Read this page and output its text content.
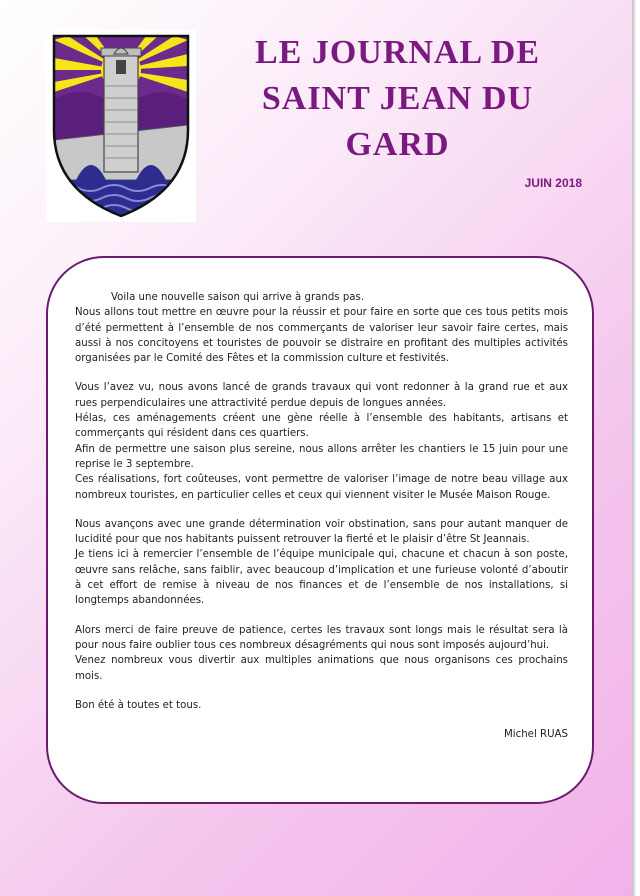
LE JOURNAL DE
SAINT JEAN DU
GARD
JUIN 2018

Voila une nouvelle saison qui arrive à grands pas.

Nous allons tout mettre en œuvre pour la réussir et pour faire en sorte que ces tous petits mois d’été permettent à l’ensemble de nos commerçants de valoriser leur savoir faire certes, mais aussi à nos concitoyens et touristes de pouvoir se distraire en profitant des multiples activités organisées par le Comité des Fêtes et la commission culture et festivités.

Vous l’avez vu, nous avons lancé de grands travaux qui vont redonner à la grand rue et aux rues perpendiculaires une attractivité perdue depuis de longues années.

Hélas, ces aménagements créent une gène réelle à l’ensemble des habitants, artisans et commerçants qui résident dans ces quartiers.

Afin de permettre une saison plus sereine, nous allons arrêter les chantiers le 15 juin pour une reprise le 3 septembre.

Ces réalisations, fort coûteuses, vont permettre de valoriser l’image de notre beau village aux nombreux touristes, en particulier celles et ceux qui viennent visiter le Musée Maison Rouge.

Nous avançons avec une grande détermination voir obstination, sans pour autant manquer de lucidité pour que nos habitants puissent retrouver la fierté et le plaisir d’être St Jeannais.

Je tiens ici à remercier l’ensemble de l’équipe municipale qui, chacune et chacun à son poste, œuvre sans relâche, sans faiblir, avec beaucoup d’implication et une furieuse volonté d’aboutir à cet effort de remise à niveau de nos finances et de l’ensemble de nos installations, si longtemps abandonnées.

Alors merci de faire preuve de patience, certes les travaux sont longs mais le résultat sera là pour nous faire oublier tous ces nombreux désagréments qui nous sont imposés aujourd’hui.

Venez nombreux vous divertir aux multiples animations que nous organisons ces prochains mois.

Bon été à toutes et tous.

Michel RUAS
